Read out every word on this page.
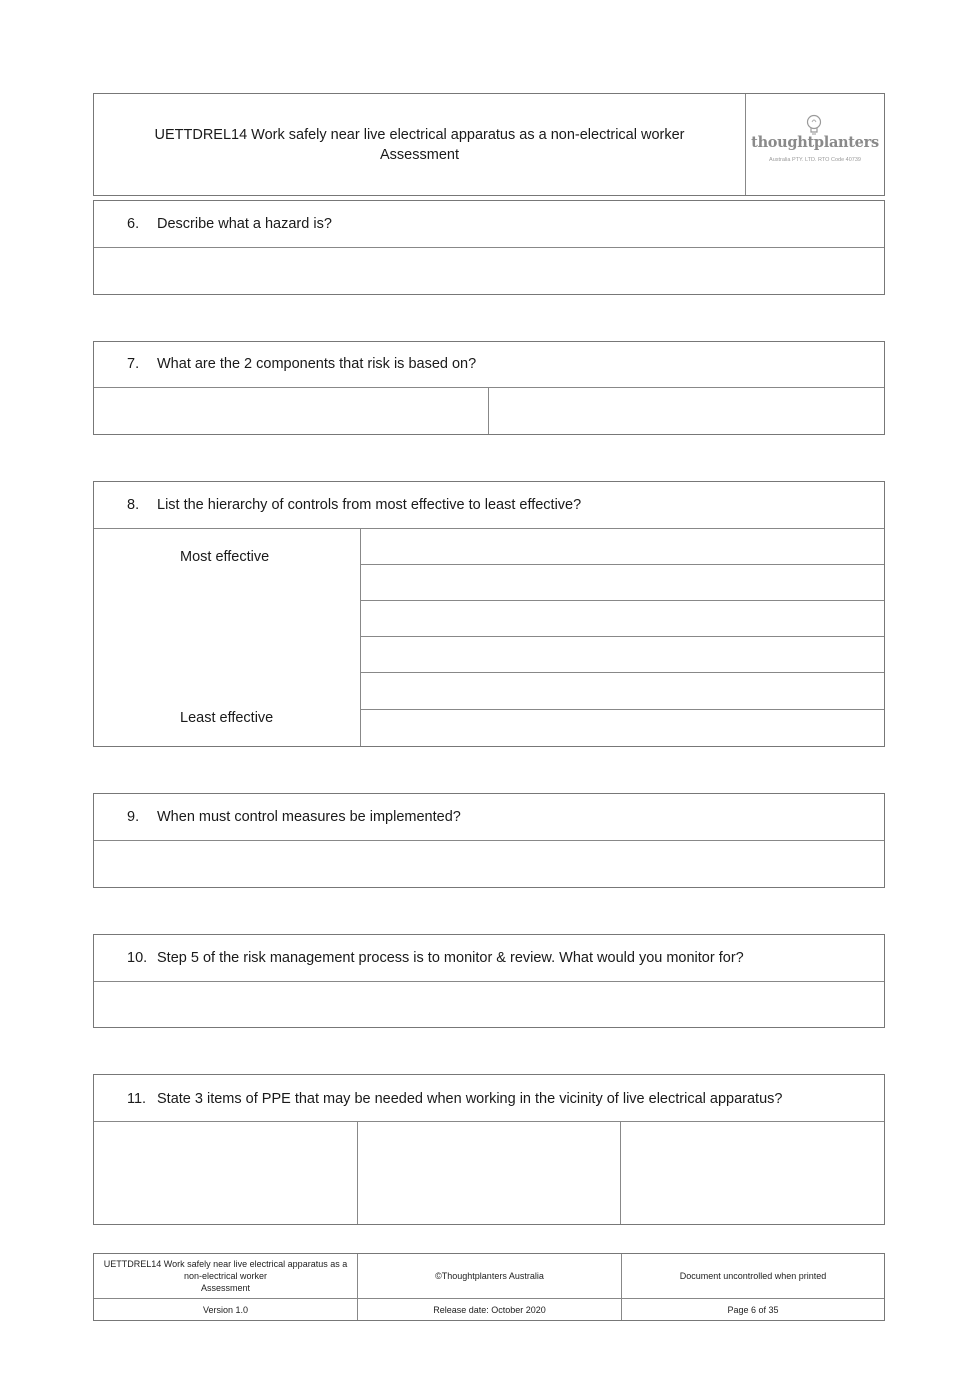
UETTDREL14 Work safely near live electrical apparatus as a non-electrical worker
Assessment
thoughtplanters
Australia PTY. LTD. RTO Code 40739
6. Describe what a hazard is?
7. What are the 2 components that risk is based on?
8. List the hierarchy of controls from most effective to least effective?
Most effective
Least effective
9. When must control measures be implemented?
10. Step 5 of the risk management process is to monitor & review. What would you monitor for?
11. State 3 items of PPE that may be needed when working in the vicinity of live electrical apparatus?
UETTDREL14 Work safely near live electrical apparatus as a
non-electrical worker
Assessment
©Thoughtplanters Australia	Document uncontrolled when printed
Version 1.0	Release date: October 2020	Page 6 of 35
